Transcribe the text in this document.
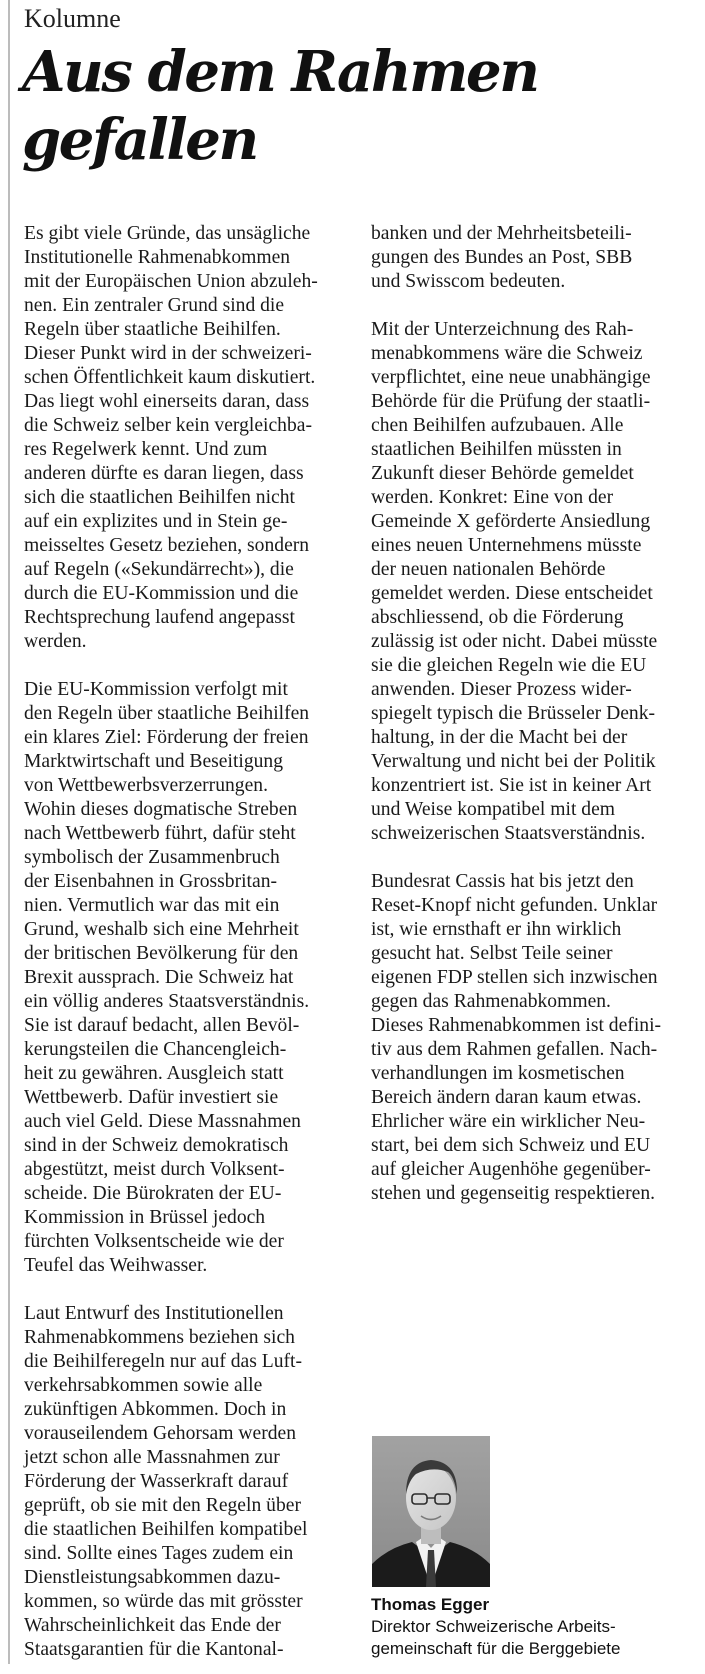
Kolumne

Aus dem Rahmen
gefallen
Es gibt viele Gründe, das unsägliche
Institutionelle Rahmenabkommen
mit der Europäischen Union abzuleh-
nen. Ein zentraler Grund sind die
Regeln über staatliche Beihilfen.
Dieser Punkt wird in der schweizeri-
schen Öffentlichkeit kaum diskutiert.
Das liegt wohl einerseits daran, dass
die Schweiz selber kein vergleichba-
res Regelwerk kennt. Und zum
anderen dürfte es daran liegen, dass
sich die staatlichen Beihilfen nicht
auf ein explizites und in Stein ge-
meisseltes Gesetz beziehen, sondern
auf Regeln («Sekundärrecht»), die
durch die EU-Kommission und die
Rechtsprechung laufend angepasst
werden.
Die EU-Kommission verfolgt mit
den Regeln über staatliche Beihilfen
ein klares Ziel: Förderung der freien
Marktwirtschaft und Beseitigung
von Wettbewerbsverzerrungen.
Wohin dieses dogmatische Streben
nach Wettbewerb führt, dafür steht
symbolisch der Zusammenbruch
der Eisenbahnen in Grossbritan-
nien. Vermutlich war das mit ein
Grund, weshalb sich eine Mehrheit
der britischen Bevölkerung für den
Brexit aussprach. Die Schweiz hat
ein völlig anderes Staatsverständnis.
Sie ist darauf bedacht, allen Bevöl-
kerungsteilen die Chancengleich-
heit zu gewähren. Ausgleich statt
Wettbewerb. Dafür investiert sie
auch viel Geld. Diese Massnahmen
sind in der Schweiz demokratisch
abgestützt, meist durch Volksent-
scheide. Die Bürokraten der EU-
Kommission in Brüssel jedoch
fürchten Volksentscheide wie der
Teufel das Weihwasser.
Laut Entwurf des Institutionellen
Rahmenabkommens beziehen sich
die Beihilferegeln nur auf das Luft-
verkehrsabkommen sowie alle
zukünftigen Abkommen. Doch in
vorauseilendem Gehorsam werden
jetzt schon alle Massnahmen zur
Förderung der Wasserkraft darauf
geprüft, ob sie mit den Regeln über
die staatlichen Beihilfen kompatibel
sind. Sollte eines Tages zudem ein
Dienstleistungsabkommen dazu-
kommen, so würde das mit grösster
Wahrscheinlichkeit das Ende der
Staatsgarantien für die Kantonal-
banken und der Mehrheitsbeteili-
gungen des Bundes an Post, SBB
und Swisscom bedeuten.
Mit der Unterzeichnung des Rah-
menabkommens wäre die Schweiz
verpflichtet, eine neue unabhängige
Behörde für die Prüfung der staatli-
chen Beihilfen aufzubauen. Alle
staatlichen Beihilfen müssten in
Zukunft dieser Behörde gemeldet
werden. Konkret: Eine von der
Gemeinde X geförderte Ansiedlung
eines neuen Unternehmens müsste
der neuen nationalen Behörde
gemeldet werden. Diese entscheidet
abschliessend, ob die Förderung
zulässig ist oder nicht. Dabei müsste
sie die gleichen Regeln wie die EU
anwenden. Dieser Prozess wider-
spiegelt typisch die Brüsseler Denk-
haltung, in der die Macht bei der
Verwaltung und nicht bei der Politik
konzentriert ist. Sie ist in keiner Art
und Weise kompatibel mit dem
schweizerischen Staatsverständnis.
Bundesrat Cassis hat bis jetzt den
Reset-Knopf nicht gefunden. Unklar
ist, wie ernsthaft er ihn wirklich
gesucht hat. Selbst Teile seiner
eigenen FDP stellen sich inzwischen
gegen das Rahmenabkommen.
Dieses Rahmenabkommen ist defini-
tiv aus dem Rahmen gefallen. Nach-
verhandlungen im kosmetischen
Bereich ändern daran kaum etwas.
Ehrlicher wäre ein wirklicher Neu-
start, bei dem sich Schweiz und EU
auf gleicher Augenhöhe gegenüber-
stehen und gegenseitig respektieren.

Thomas Egger

Direktor Schweizerische Arbeits-
gemeinschaft für die Berggebiete
